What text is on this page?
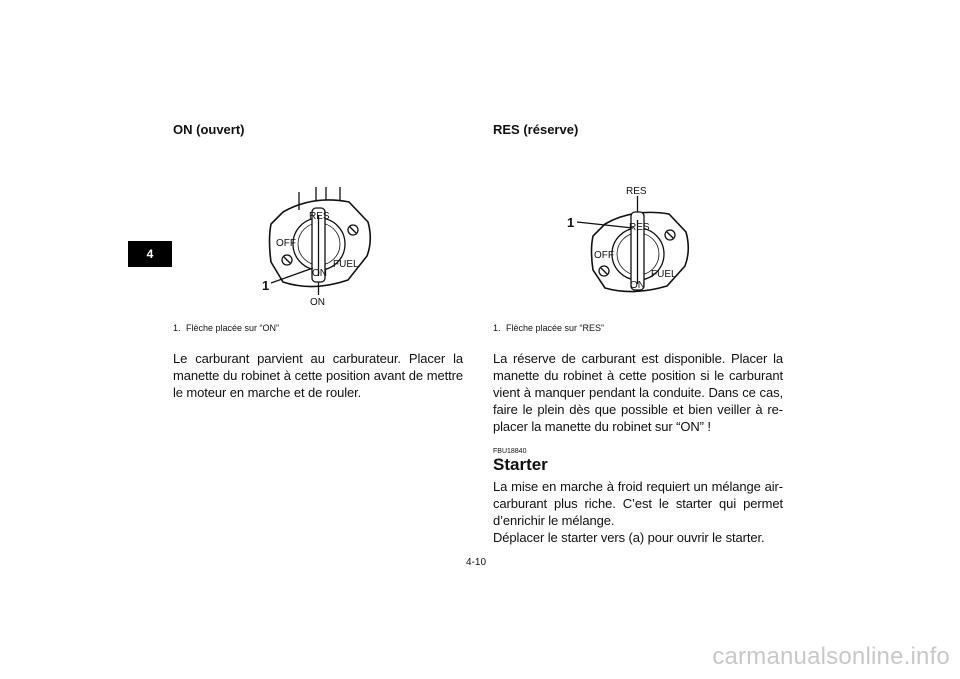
4
ON (ouvert)
RES
OFF
FUEL
ON
ON
1
1. Flèche placée sur “ON”
Le carburant parvient au carburateur. Placer la manette du robinet à cette position avant de mettre le moteur en marche et de rouler.
RES (réserve)
RES
RES
OFF
FUEL
ON
1
1. Flèche placée sur “RES”
La réserve de carburant est disponible. Placer la manette du robinet à cette position si le carburant vient à manquer pendant la conduite. Dans ce cas, faire le plein dès que possible et bien veiller à re-placer la manette du robinet sur “ON” !
FBU18840
Starter

La mise en marche à froid requiert un mélange air-carburant plus riche. C’est le starter qui permet d’enrichir le mélange.

Déplacer le starter vers (a) pour ouvrir le starter.

4-10
carmanualsonline.info
